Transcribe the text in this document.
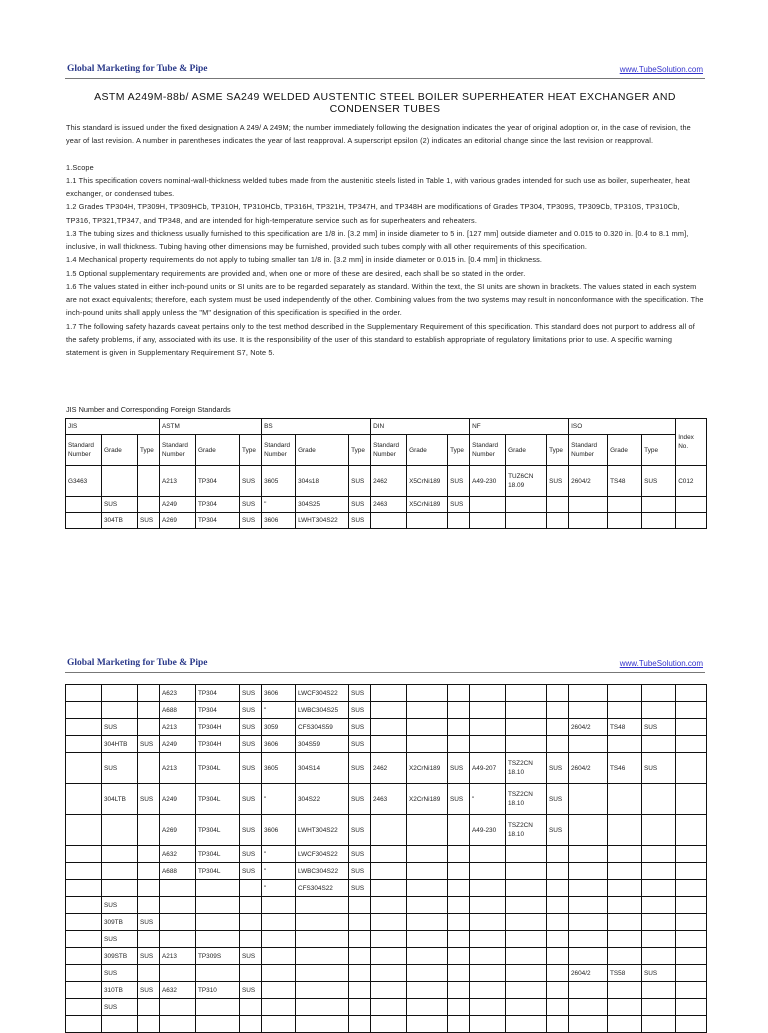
Global Marketing for Tube & Pipe	www.TubeSolution.com
ASTM A249M-88b/ ASME SA249 WELDED AUSTENTIC STEEL BOILER SUPERHEATER HEAT EXCHANGER AND CONDENSER TUBES

This standard is issued under the fixed designation A 249/ A 249M; the number immediately following the designation indicates the year of original adoption or, in the case of revision, the year of last revision. A number in parentheses indicates the year of last reapproval. A superscript epsilon (2) indicates an editorial change since the last revision or reapproval.

1.Scope

1.1 This specification covers nominal-wall-thickness welded tubes made from the austenitic steels listed in Table 1, with various grades intended for such use as boiler, superheater, heat exchanger, or condensed tubes.

1.2 Grades TP304H, TP309H, TP309HCb, TP310H, TP310HCb, TP316H, TP321H, TP347H, and TP348H are modifications of Grades TP304, TP309S, TP309Cb, TP310S, TP310Cb, TP316, TP321,TP347, and TP348, and are intended for high-temperature service such as for superheaters and reheaters.

1.3 The tubing sizes and thickness usually furnished to this specification are 1/8 in. [3.2 mm] in inside diameter to 5 in. [127 mm] outside diameter and 0.015 to 0.320 in. [0.4 to 8.1 mm], inclusive, in wall thickness. Tubing having other dimensions may be furnished, provided such tubes comply with all other requirements of this specification.

1.4 Mechanical property requirements do not apply to tubing smaller tan 1/8 in. [3.2 mm] in inside diameter or 0.015 in. [0.4 mm] in thickness.

1.5 Optional supplementary requirements are provided and, when one or more of these are desired, each shall be so stated in the order.

1.6 The values stated in either inch-pound units or SI units are to be regarded separately as standard. Within the text, the SI units are shown in brackets. The values stated in each system are not exact equivalents; therefore, each system must be used independently of the other. Combining values from the two systems may result in nonconformance with the specification. The inch-pound units shall apply unless the "M" designation of this specification is specified in the order.

1.7 The following safety hazards caveat pertains only to the test method described in the Supplementary Requirement of this specification. This standard does not purport to address all of the safety problems, if any, associated with its use. It is the responsibility of the user of this standard to establish appropriate of regulatory limitations prior to use. A specific warning statement is given in Supplementary Requirement S7, Note 5.

JIS Number and Corresponding Foreign Standards
JIS			ASTM			BS			DIN			NF			ISO			Index No.
Standard Number	Grade	Type	Standard Number	Grade	Type	Standard Number	Grade	Type	Standard Number	Grade	Type	Standard Number	Grade	Type	Standard Number	Grade	Type	
G3463			A213	TP304	SUS	3605	304s18	SUS	2462	X5CrNi189	SUS	A49-230	TUZ6CN 18.09	SUS	2604/2	TS48	SUS	C012
	SUS		A249	TP304	SUS	"	304S25	SUS	2463	X5CrNi189	SUS							
	304TB	SUS	A269	TP304	SUS	3606	LWHT304S22	SUS										
Global Marketing for Tube & Pipe	www.TubeSolution.com
			A623	TP304	SUS	3606	LWCF304S22	SUS										
			A688	TP304	SUS	"	LWBC304S25	SUS										
	SUS		A213	TP304H	SUS	3059	CFS304S59	SUS							2604/2	TS48	SUS	
	304HTB	SUS	A249	TP304H	SUS	3606	304S59	SUS										
	SUS		A213	TP304L	SUS	3605	304S14	SUS	2462	X2CrNi189	SUS	A49-207	TSZ2CN 18.10	SUS	2604/2	TS46	SUS	
	304LTB	SUS	A249	TP304L	SUS	"	304S22	SUS	2463	X2CrNi189	SUS	"	TSZ2CN 18.10	SUS				
			A269	TP304L	SUS	3606	LWHT304S22	SUS				A49-230	TSZ2CN 18.10	SUS				
			A632	TP304L	SUS	"	LWCF304S22	SUS										
			A688	TP304L	SUS	"	LWBC304S22	SUS										
						"	CFS304S22	SUS										
	SUS																	
	309TB	SUS																
	SUS																	
	309STB	SUS	A213	TP309S	SUS													
	SUS														2604/2	TS58	SUS	
	310TB	SUS	A632	TP310	SUS													
	SUS																	
